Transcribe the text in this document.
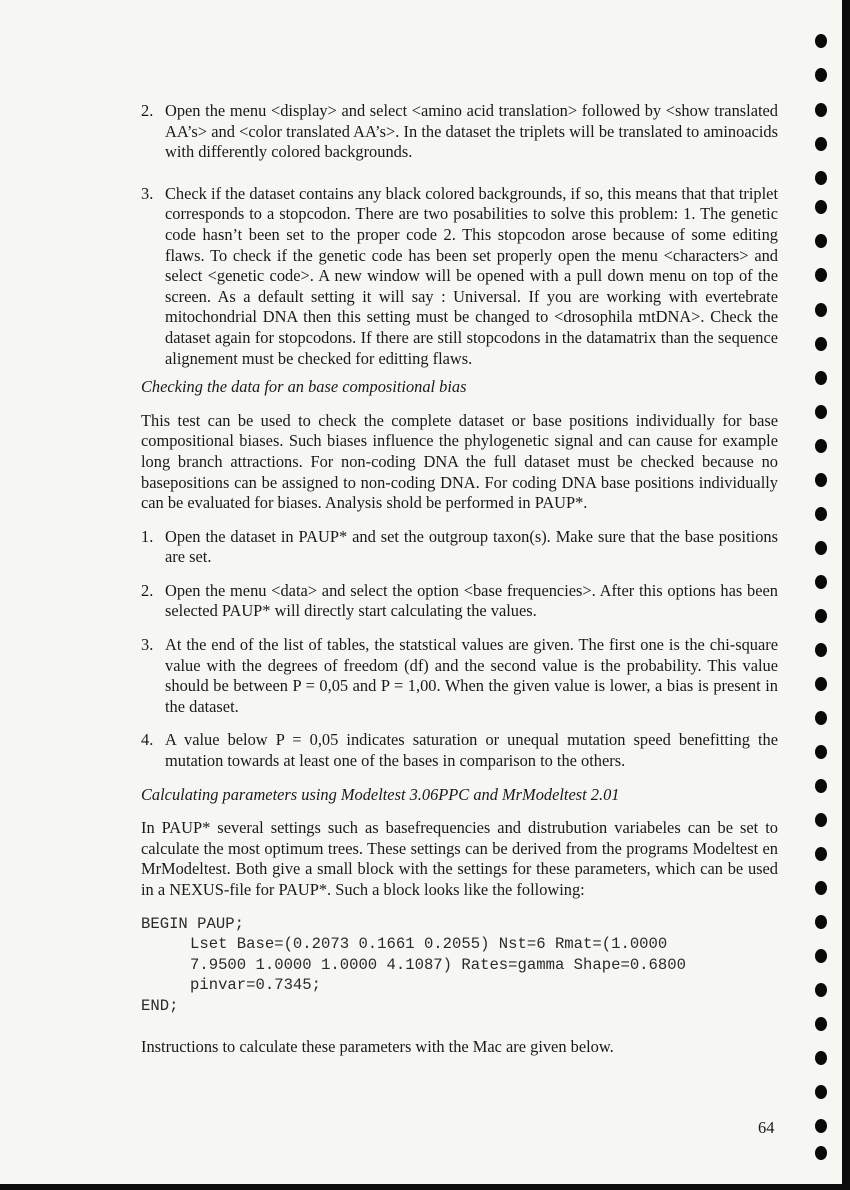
2. Open the menu <display> and select <amino acid translation> followed by <show translated AA’s> and <color translated AA’s>. In the dataset the triplets will be translated to aminoacids with differently colored backgrounds.
3. Check if the dataset contains any black colored backgrounds, if so, this means that that triplet corresponds to a stopcodon. There are two posabilities to solve this problem: 1. The genetic code hasn’t been set to the proper code 2. This stopcodon arose because of some editing flaws. To check if the genetic code has been set properly open the menu <characters> and select <genetic code>. A new window will be opened with a pull down menu on top of the screen. As a default setting it will say : Universal. If you are working with evertebrate mitochondrial DNA then this setting must be changed to <drosophila mtDNA>. Check the dataset again for stopcodons. If there are still stopcodons in the datamatrix than the sequence alignement must be checked for editting flaws.

Checking the data for an base compositional bias

This test can be used to check the complete dataset or base positions individually for base compositional biases. Such biases influence the phylogenetic signal and can cause for example long branch attractions. For non-coding DNA the full dataset must be checked because no basepositions can be assigned to non-coding DNA. For coding DNA base positions individually can be evaluated for biases. Analysis shold be performed in PAUP*.

1. Open the dataset in PAUP* and set the outgroup taxon(s). Make sure that the base positions are set.
2. Open the menu <data> and select the option <base frequencies>. After this options has been selected PAUP* will directly start calculating the values.
3. At the end of the list of tables, the statstical values are given. The first one is the chi-square value with the degrees of freedom (df) and the second value is the probability. This value should be between P = 0,05 and P = 1,00. When the given value is lower, a bias is present in the dataset.
4. A value below P = 0,05 indicates saturation or unequal mutation speed benefitting the mutation towards at least one of the bases in comparison to the others.

Calculating parameters using Modeltest 3.06PPC and MrModeltest 2.01

In PAUP* several settings such as basefrequencies and distrubution variabeles can be set to calculate the most optimum trees. These settings can be derived from the programs Modeltest en MrModeltest. Both give a small block with the settings for these parameters, which can be used in a NEXUS-file for PAUP*. Such a block looks like the following:

BEGIN PAUP;
Lset Base=(0.2073 0.1661 0.2055) Nst=6 Rmat=(1.0000
7.9500 1.0000 1.0000 4.1087) Rates=gamma Shape=0.6800
pinvar=0.7345;
END;

Instructions to calculate these parameters with the Mac are given below.

64
